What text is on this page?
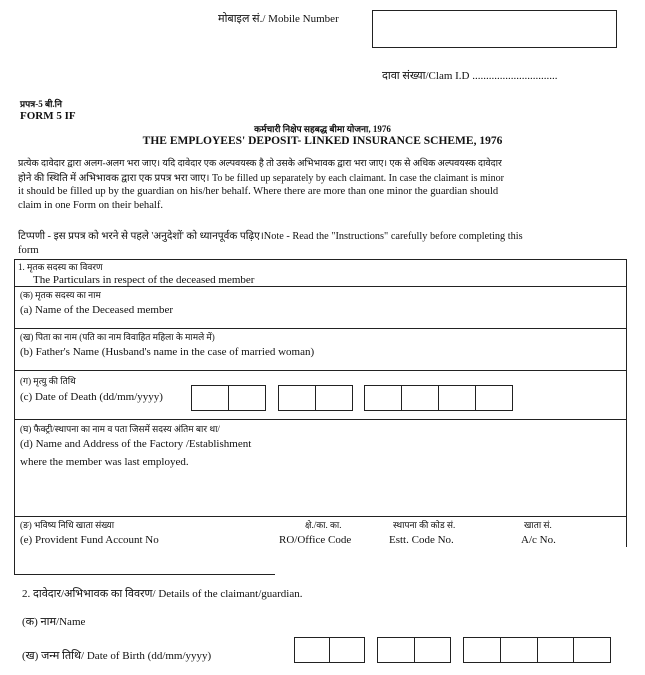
मोबाइल सं./ Mobile Number
दावा संख्या/Clam I.D ...............................
प्रपत्र-5 बी.नि
FORM 5 IF
कर्मचारी निक्षेप सहबद्ध बीमा योजना, 1976
THE EMPLOYEES' DEPOSIT- LINKED INSURANCE SCHEME, 1976
प्रत्येक दावेदार द्वारा अलग-अलग भरा जाए। यदि दावेदार एक अल्पवयस्क है तो उसके अभिभावक द्वारा भरा जाए। एक से अधिक अल्पवयस्क दावेदार
होने की स्थिति में अभिभावक द्वारा एक प्रपत्र भरा जाए। To be filled up separately by each claimant. In case the claimant is minor
it should be filled up by the guardian on his/her behalf. Where there are more than one minor the guardian should
claim in one Form on their behalf.
टिप्पणी - इस प्रपत्र को भरने से पहले 'अनुदेशों' को ध्यानपूर्वक पढ़िए।Note - Read the "Instructions" carefully before completing this
form
1. मृतक सदस्य का विवरण
The Particulars in respect of the deceased member
(क) मृतक सदस्य का नाम
(a) Name of the Deceased member
(ख) पिता का नाम (पति का नाम विवाहित महिला के मामले में)
(b) Father's Name (Husband's name in the case of married woman)
(ग) मृत्यु की तिथि
(c) Date of Death (dd/mm/yyyy)
(घ) फैक्ट्री/स्थापना का नाम व पता जिसमें सदस्य अंतिम बार था/
(d) Name and Address of the Factory /Establishment
where the member was last employed.
(ङ) भविष्य निधि खाता संख्या
(e) Provident Fund Account No
क्षे./का. का.
RO/Office Code
स्थापना की कोड सं.
Estt. Code No.
खाता सं.
A/c No.
2. दावेदार/अभिभावक का विवरण/ Details of the claimant/guardian.
(क) नाम/Name
(ख) जन्म तिथि/ Date of Birth (dd/mm/yyyy)
